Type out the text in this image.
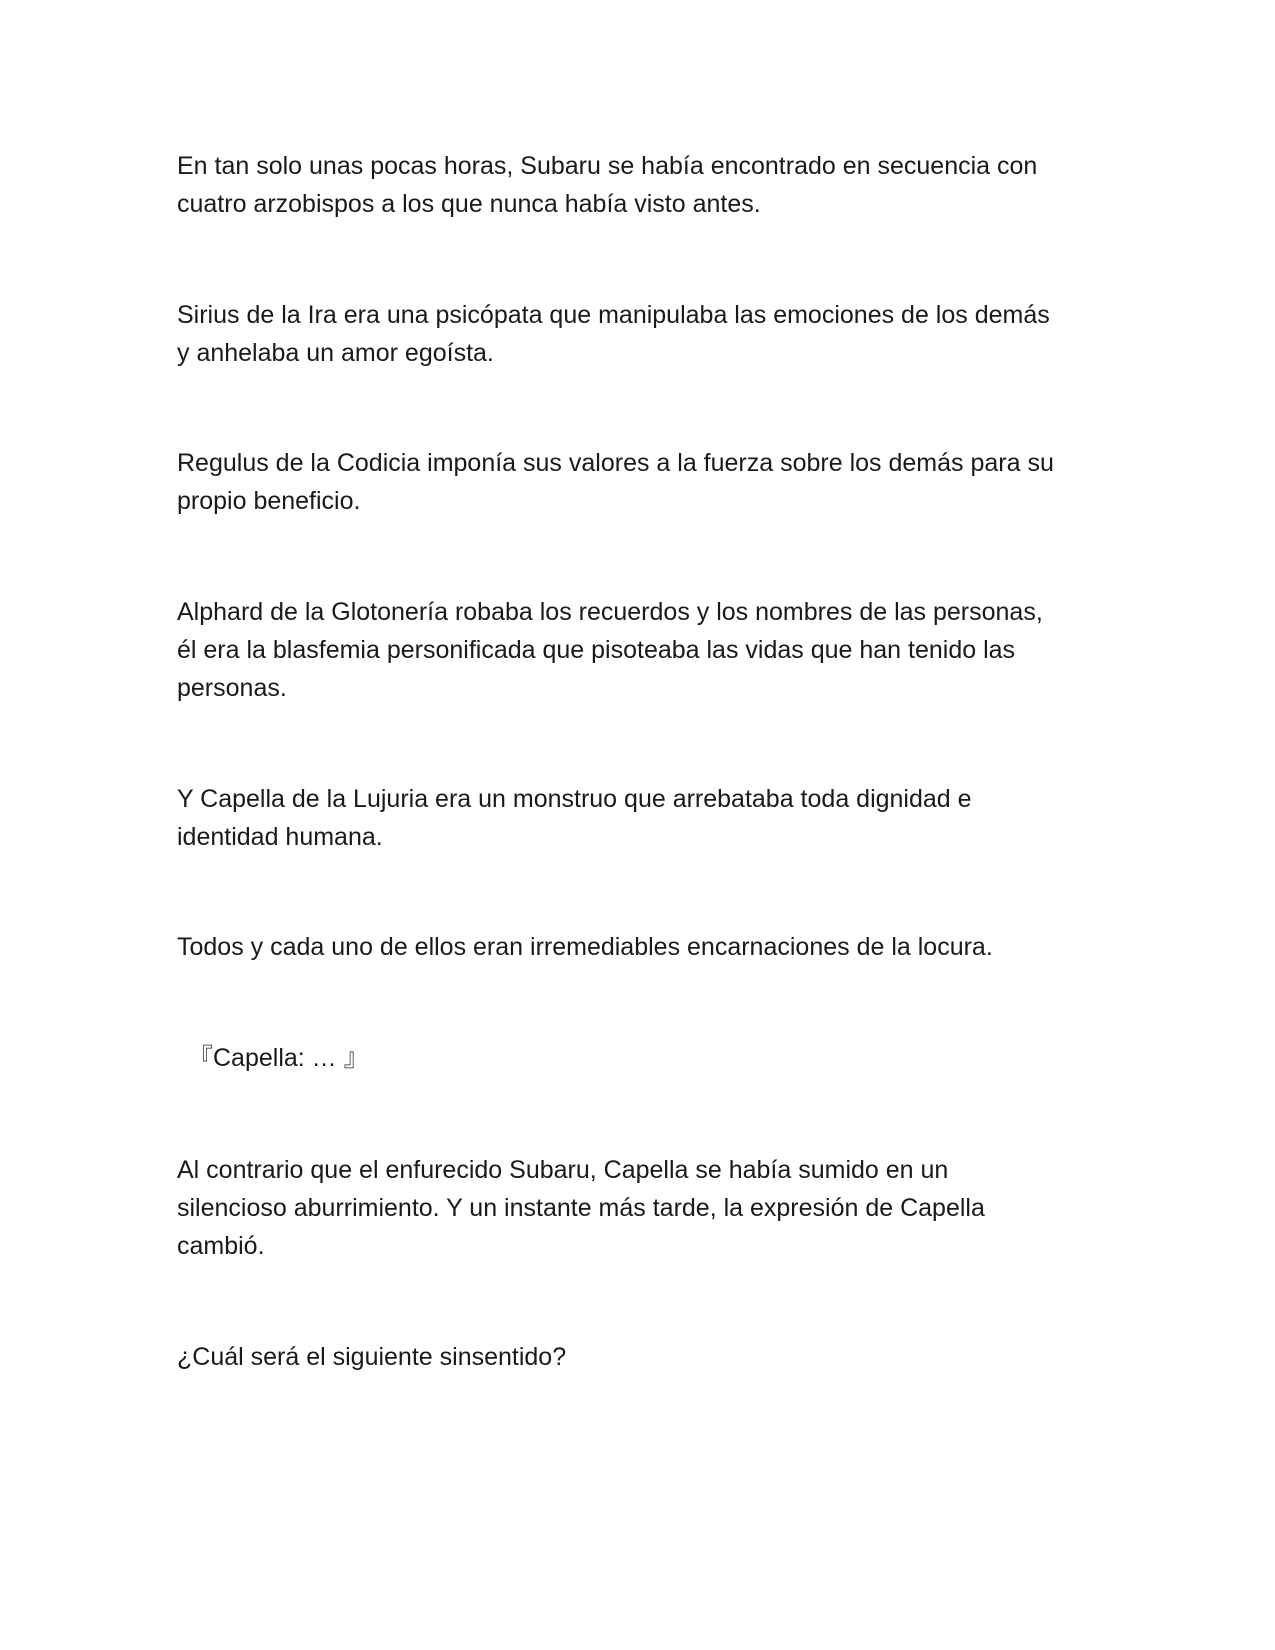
En tan solo unas pocas horas, Subaru se había encontrado en secuencia con
cuatro arzobispos a los que nunca había visto antes.

Sirius de la Ira era una psicópata que manipulaba las emociones de los demás
y anhelaba un amor egoísta.

Regulus de la Codicia imponía sus valores a la fuerza sobre los demás para su
propio beneficio.

Alphard de la Glotonería robaba los recuerdos y los nombres de las personas,
él era la blasfemia personificada que pisoteaba las vidas que han tenido las
personas.

Y Capella de la Lujuria era un monstruo que arrebataba toda dignidad e
identidad humana.

Todos y cada uno de ellos eran irremediables encarnaciones de la locura.

『Capella: … 』

Al contrario que el enfurecido Subaru, Capella se había sumido en un
silencioso aburrimiento. Y un instante más tarde, la expresión de Capella
cambió.

¿Cuál será el siguiente sinsentido?
